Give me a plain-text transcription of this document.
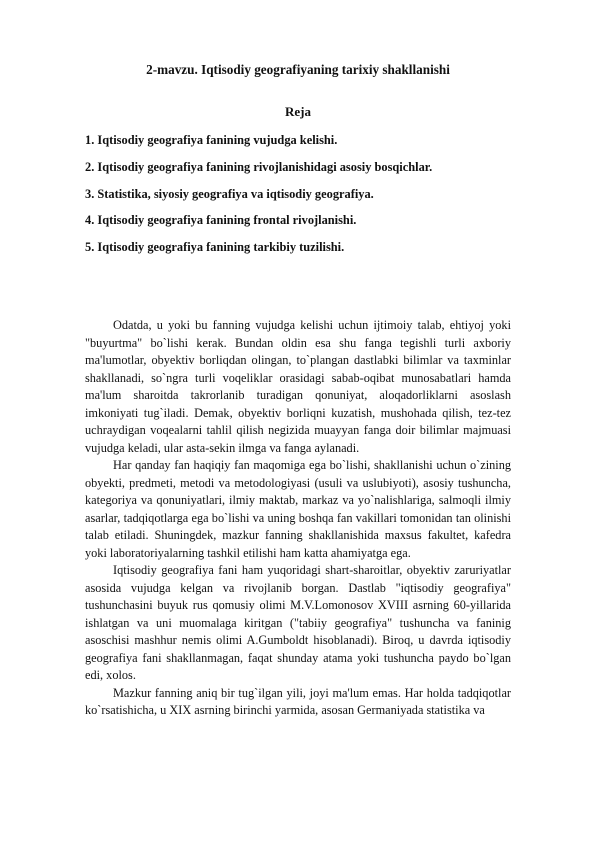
2-mavzu. Iqtisodiy geografiyaning tarixiy shakllanishi
Reja
1. Iqtisodiy geografiya fanining vujudga kelishi.
2. Iqtisodiy geografiya fanining rivojlanishidagi asosiy bosqichlar.
3. Statistika, siyosiy geografiya va iqtisodiy geografiya.
4. Iqtisodiy geografiya fanining frontal rivojlanishi.
5. Iqtisodiy geografiya fanining tarkibiy tuzilishi.

Odatda, u yoki bu fanning vujudga kelishi uchun ijtimoiy talab, ehtiyoj yoki "buyurtma" bo`lishi kerak. Bundan oldin esa shu fanga tegishli turli axboriy ma'lumotlar, obyektiv borliqdan olingan, to`plangan dastlabki bilimlar va taxminlar shakllanadi, so`ngra turli voqeliklar orasidagi sabab-oqibat munosabatlari hamda ma'lum sharoitda takrorlanib turadigan qonuniyat, aloqadorliklarni asoslash imkoniyati tug`iladi. Demak, obyektiv borliqni kuzatish, mushohada qilish, tez-tez uchraydigan voqealarni tahlil qilish negizida muayyan fanga doir bilimlar majmuasi vujudga keladi, ular asta-sekin ilmga va fanga aylanadi.

Har qanday fan haqiqiy fan maqomiga ega bo`lishi, shakllanishi uchun o`zining obyekti, predmeti, metodi va metodologiyasi (usuli va uslubiyoti), asosiy tushuncha, kategoriya va qonuniyatlari, ilmiy maktab, markaz va yo`nalishlariga, salmoqli ilmiy asarlar, tadqiqotlarga ega bo`lishi va uning boshqa fan vakillari tomonidan tan olinishi talab etiladi. Shuningdek, mazkur fanning shakllanishida maxsus fakultet, kafedra yoki laboratoriyalarning tashkil etilishi ham katta ahamiyatga ega.

Iqtisodiy geografiya fani ham yuqoridagi shart-sharoitlar, obyektiv zaruriyatlar asosida vujudga kelgan va rivojlanib borgan. Dastlab "iqtisodiy geografiya" tushunchasini buyuk rus qomusiy olimi M.V.Lomonosov XVIII asrning 60-yillarida ishlatgan va uni muomalaga kiritgan ("tabiiy geografiya" tushuncha va faninig asoschisi mashhur nemis olimi A.Gumboldt hisoblanadi). Biroq, u davrda iqtisodiy geografiya fani shakllanmagan, faqat shunday atama yoki tushuncha paydo bo`lgan edi, xolos.

Mazkur fanning aniq bir tug`ilgan yili, joyi ma'lum emas. Har holda tadqiqotlar ko`rsatishicha, u XIX asrning birinchi yarmida, asosan Germaniyada statistika va
